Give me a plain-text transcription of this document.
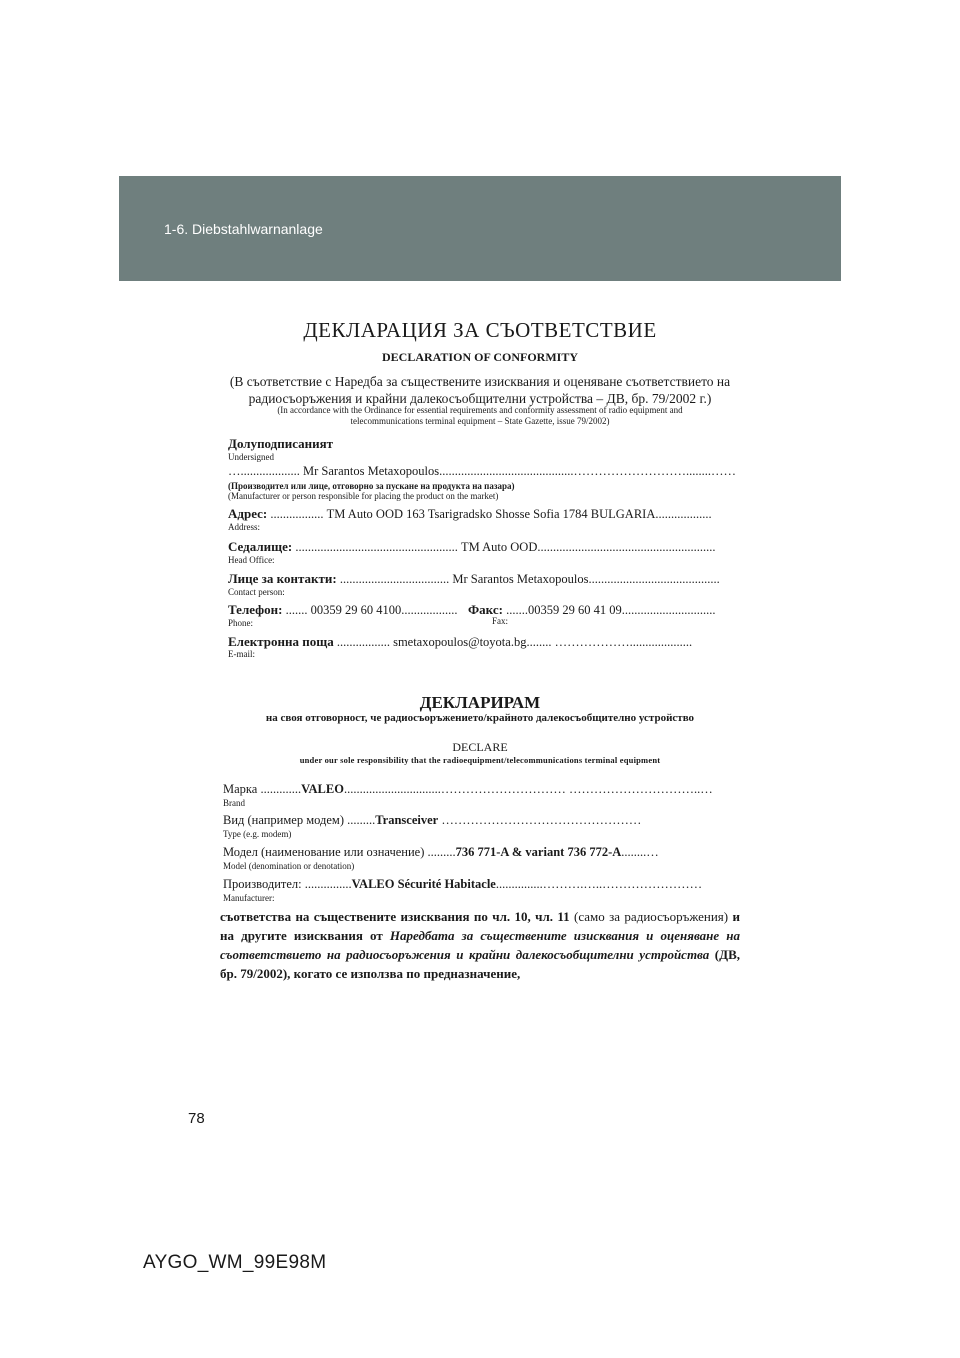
1-6. Diebstahlwarnanlage
ДЕКЛАРАЦИЯ ЗА СЪОТВЕТСТВИЕ
DECLARATION OF CONFORMITY
(В съответствие с Наредба за съществените изисквания и оценяване съответствието на
радиосъоръжения и крайни далекосъобщителни устройства – ДВ, бр. 79/2002 г.)
(In accordance with the Ordinance for essential requirements and conformity assessment of radio equipment and
telecommunications terminal equipment – State Gazette, issue 79/2002)
Долуподписаният
Undersigned
…................... Mr Sarantos Metaxopoulos...........................................………………………........……
(Производител или лице, отговорно за пускане на продукта на пазара)
(Manufacturer or person responsible for placing the product on the market)
Адрес: ................. TM Auto OOD 163 Tsarigradsko Shosse Sofia 1784 BULGARIA..................
Address:
Седалище: .................................................... TM Auto OOD.........................................................
Head Office:
Лице за контакти: ................................... Mr Sarantos Metaxopoulos..........................................
Contact person:
Телефон: ....... 00359 29 60 4100..................
Phone:
Факс: .......00359 29 60 41 09..............................
Fax:
Електронна поща ................. smetaxopoulos@toyota.bg........ ………………....................
E-mail:
ДЕКЛАРИРАМ
на своя отговорност, че радиосъоръжението/крайното далекосъобщително устройство
DECLARE
under our sole responsibility that the radioequipment/telecommunications terminal equipment
Марка .............VALEO...............................………………………… …………………………..…
Brand
Вид (например модем) .........Transceiver …………………………………………
Type (e.g. modem)
Модел (наименование или означение) .........736 771-A & variant 736 772-A........…
Model (denomination or denotation)
Производител: ...............VALEO Sécurité Habitacle...............……….…..……………………
Manufacturer:
съответства на съществените изисквания по чл. 10, чл. 11 (само за радиосъоръжения) и на другите изисквания от Наредбата за съществените изисквания и оценяване на съответствието на радиосъоръжения и крайни далекосъобщителни устройства (ДВ, бр. 79/2002), когато се използва по предназначение,
78
AYGO_WM_99E98M
